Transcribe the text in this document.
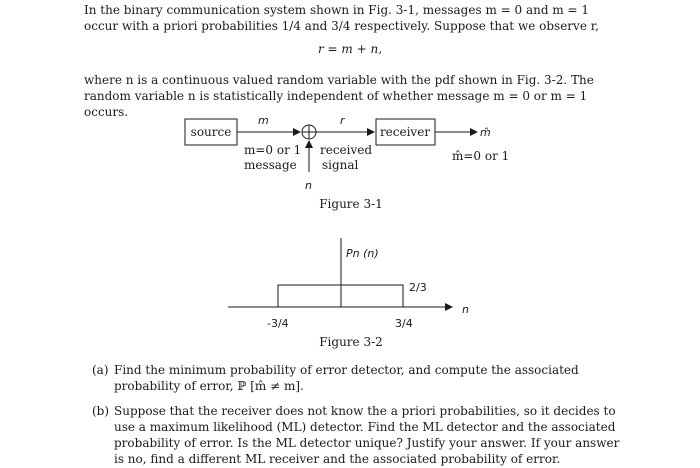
In the binary communication system shown in Fig. 3-1, messages m = 0 and m = 1 occur with a priori probabilities 1/4 and 3/4 respectively. Suppose that we observe r,

r = m + n,

where n is a continuous valued random variable with the pdf shown in Fig. 3-2. The random variable n is statistically independent of whether message m = 0 or m = 1 occurs.

source
m
n
r
receiver	m̂
m=0 or 1
message
received
signal
m̂=0 or 1
Figure 3-1
Pn (n)
2/3
-3/4	3/4
n
Figure 3-2
(a) Find the minimum probability of error detector, and compute the associated probability of error, ℙ [m̂ ≠ m].
(b) Suppose that the receiver does not know the a priori probabilities, so it decides to use a maximum likelihood (ML) detector. Find the ML detector and the associated probability of error. Is the ML detector unique? Justify your answer. If your answer is no, find a different ML receiver and the associated probability of error.
